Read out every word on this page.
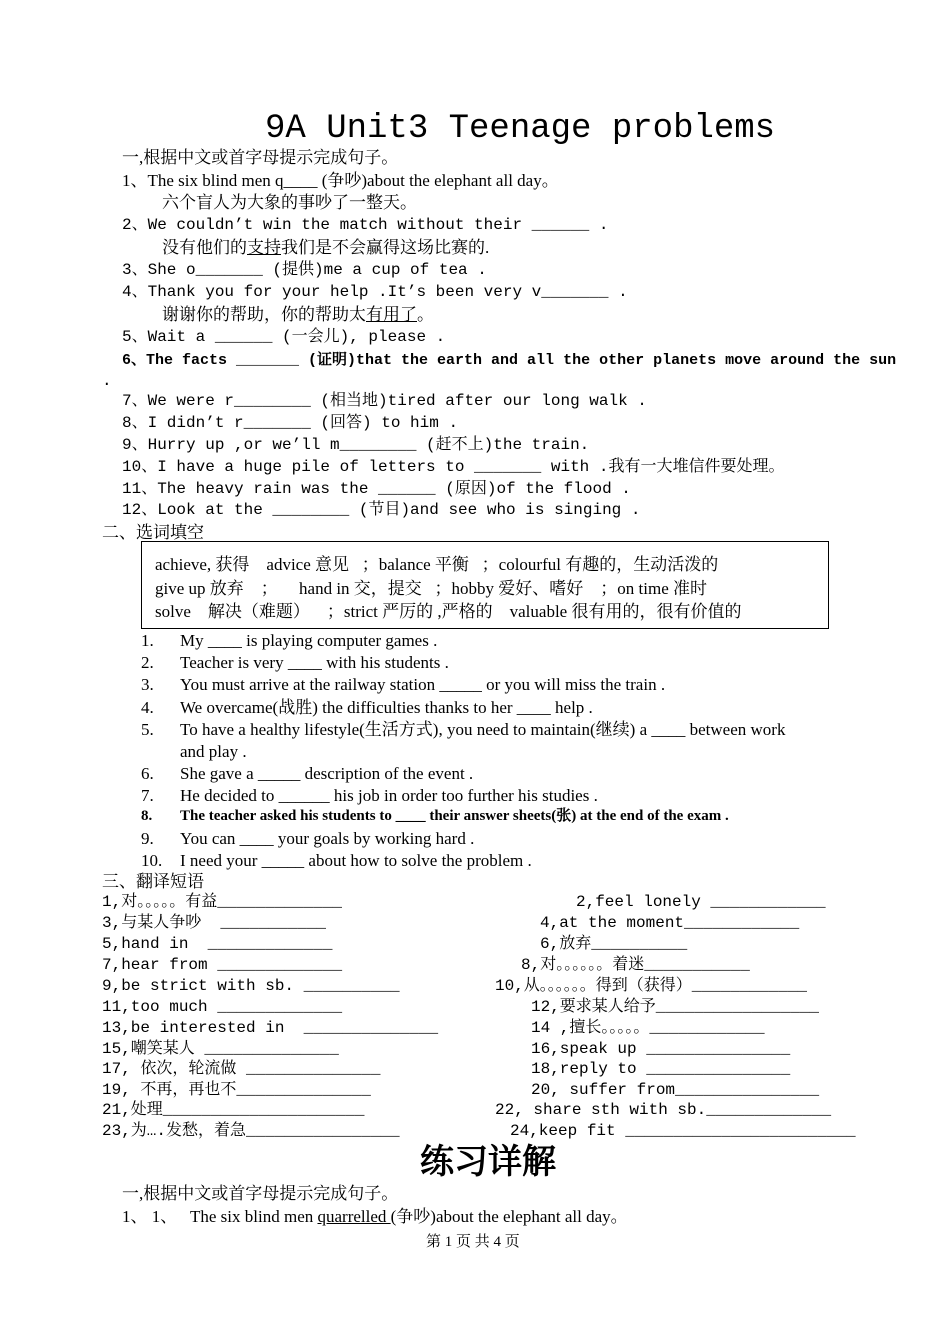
9A Unit3 Teenage problems
一,根据中文或首字母提示完成句子。
1、The six blind men q____ (争吵)about the elephant all day。
六个盲人为大象的事吵了一整天。
2、We couldn’t win the match without their ______ .
没有他们的支持我们是不会赢得这场比赛的.
3、She o_______ (提供)me a cup of tea .
4、Thank you for your help .It’s been very v_______ .
谢谢你的帮助，你的帮助太有用了。
5、Wait a ______ (一会儿), please .
6、The facts _______ (证明)that the earth and all the other planets move around the sun
.
7、We were r________ (相当地)tired after our long walk .
8、I didn’t r_______ (回答) to him .
9、Hurry up ,or we’ll m________ (赶不上)the train.
10、I have a huge pile of letters to _______ with .我有一大堆信件要处理。
11、The heavy rain was the ______ (原因)of the flood .
12、Look at the ________ (节目)and see who is singing .
二、选词填空
achieve, 获得    advice 意见   ；balance 平衡   ；colourful 有趣的，生动活泼的
give up 放弃    ；     hand in 交，提交   ；hobby 爱好、嗜好    ；on time 准时
solve    解决（难题）    ；strict 严厉的 ,严格的    valuable 很有用的，很有价值的
1. My ____ is playing computer games .
2. Teacher is very ____ with his students .
3. You must arrive at the railway station _____ or you will miss the train .
4. We overcame(战胜) the difficulties thanks to her ____ help .
5. To have a healthy lifestyle(生活方式), you need to maintain(继续) a ____ between work
and play .
6. She gave a _____ description of the event .
7. He decided to ______ his job in order too further his studies .
8. The teacher asked his students to ____ their answer sheets(张) at the end of the exam .
9. You can ____ your goals by working hard .
10. I need your _____ about how to solve the problem .
三、翻译短语
1,对。。。。。有益_____________
3,与某人争吵  ___________
5,hand in  _____________
7,hear from _____________
9,be strict with sb. __________
11,too much _____________
13,be interested in  ______________
15,嘲笑某人 ______________
17, 依次，轮流做 ______________
19, 不再，再也不______________
21,处理_____________________
23,为….发愁，着急________________
2,feel lonely ____________
4,at the moment____________
6,放弃__________
8,对。。。。。。着迷___________
10,从。。。。。。得到（获得）____________
12,要求某人给予_________________
14 ,擅长。。。。。____________
16,speak up _______________
18,reply to _______________
20, suffer from_______________
22, share sth with sb._____________
24,keep fit ________________________
练习详解
一,根据中文或首字母提示完成句子。
1、 1、   The six blind men quarrelled (争吵)about the elephant all day。
第 1 页 共 4 页
